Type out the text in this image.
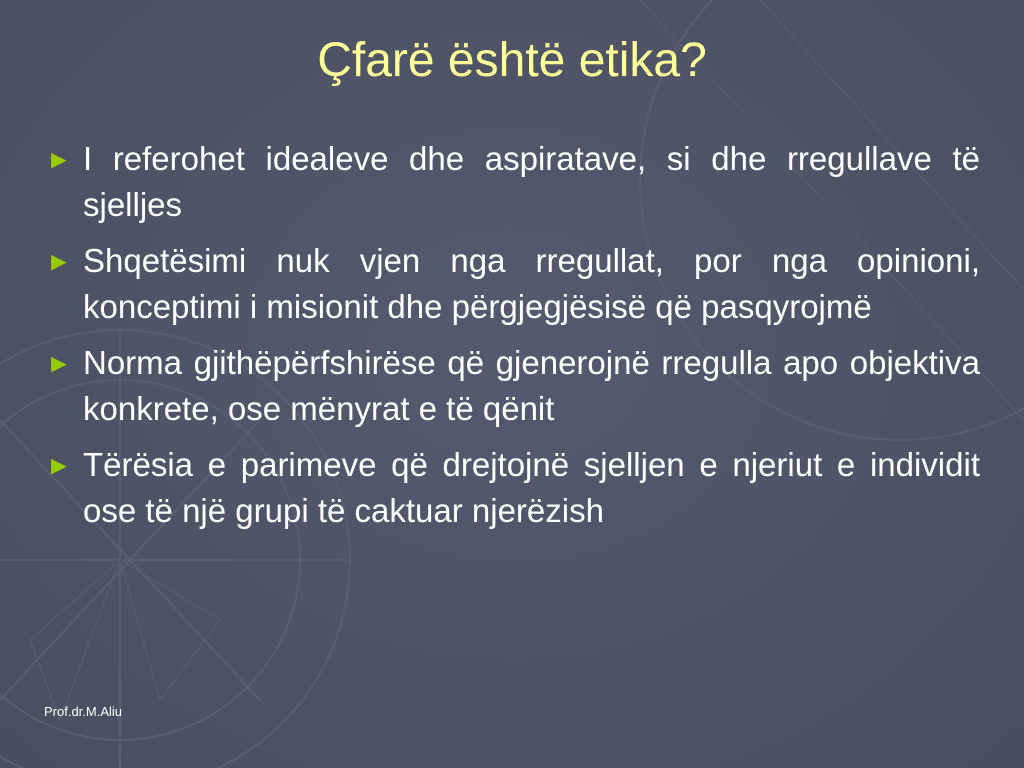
Çfarë është etika?
► I referohet idealeve dhe aspiratave, si dhe rregullave të sjelljes
► Shqetësimi nuk vjen nga rregullat, por nga opinioni, konceptimi i misionit dhe përgjegjësisë që pasqyrojmë
► Norma gjithëpërfshirëse që gjenerojnë rregulla apo objektiva konkrete, ose mënyrat e të qënit
► Tërësia e parimeve që drejtojnë sjelljen e njeriut e individit ose të një grupi të caktuar njerëzish
Prof.dr.M.Aliu
